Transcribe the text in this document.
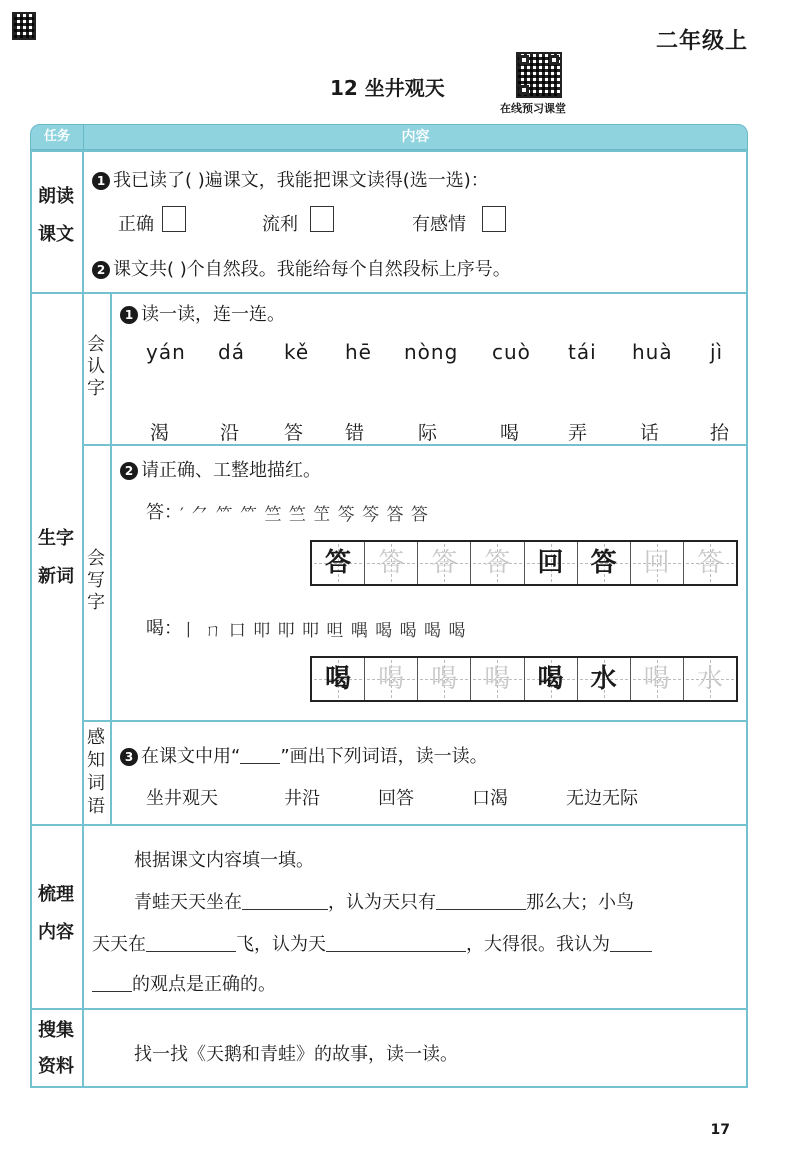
二年级上
12 坐井观天
在线预习课堂
任务	内容
朗读
课文
1 我已读了( )遍课文，我能把课文读得(选一选)：
正确	流利	有感情
2 课文共( )个自然段。我能给每个自然段标上序号。
生字
新词
会
认
字
1 读一读，连一连。
yán dá kě hē nòng cuò tái huà jì
渴	沿 答 错	际	喝	弄	话	抬
会
写
字
2 请正确、工整地描红。
答：
′ ⺈ ⺮ ⺮ 竺 竺 笁 笒 笒 答 答
答	答	答	答	回	答	回	答
喝：
丨 ㄇ 口 叩 叩 叩 呾 喁 喝 喝 喝 喝
喝	喝	喝	喝	喝	水	喝	水
感
知
词
语
3 在课文中用“ ”画出下列词语，读一读。
坐井观天	井沿	回答	口渴	无边无际
梳理
内容
根据课文内容填一填。
青蛙天天坐在	，认为天只有	那么大；小鸟
天天在	飞，认为天	，大得很。我认为
的观点是正确的。
搜集
资料
找一找《天鹅和青蛙》的故事，读一读。
17
